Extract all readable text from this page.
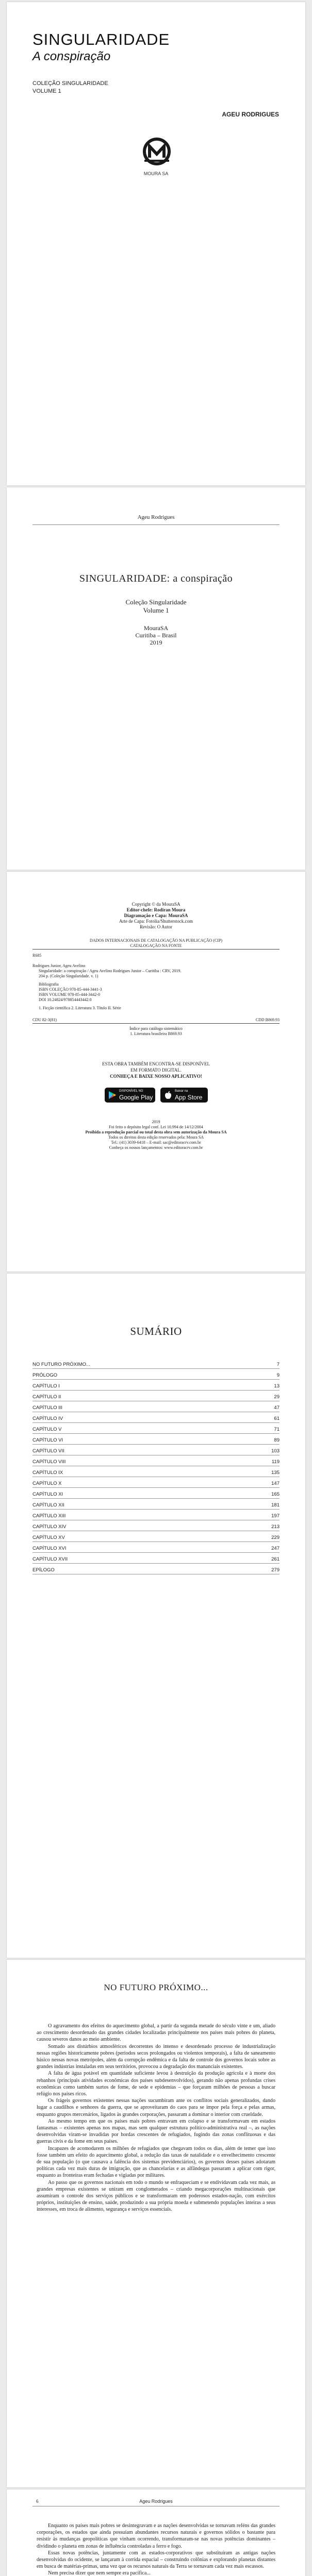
SINGULARIDADE
A conspiração
COLEÇÃO SINGULARIDADE
VOLUME 1
AGEU RODRIGUES
MOURA SA
Ageu Rodrigues
SINGULARIDADE: a conspiração
Coleção Singularidade
Volume 1
MouraSA
Curitiba – Brasil
2019
Copyright © da MouraSA
Editor-chefe: Rodiran Moura
Diagramação e Capa: MouraSA
Arte de Capa: Fotolia/Shutterstock.com
Revisão: O Autor
DADOS INTERNACIONAIS DE CATALOGAÇÃO NA PUBLICAÇÃO (CIP)
CATALOGAÇÃO NA FONTE
R685
Rodrigues Junior, Ageu Avelino
Singularidade: a conspiração / Ageu Avelino Rodrigues Junior – Curitiba : CRV, 2019.
204 p. (Coleção Singularidade. v. 1)
Bibliografia
ISBN COLEÇÃO 978-85-444-3441-3
ISBN VOLUME 978-85-444-3442-0
DOI 10.24824/978854443442.0
1. Ficção científica 2. Literatura 3. Título II. Série
CDU 82-3(81)	CDD B869.93
Índice para catálogo sistemático
1. Literatura brasileira B869.93
ESTA OBRA TAMBÉM ENCONTRA-SE DISPONÍVEL
EM FORMATO DIGITAL.
CONHEÇA E BAIXE NOSSO APLICATIVO!
DISPONÍVEL NO
Google Play
Baixar na
App Store
2019
Foi feito o depósito legal conf. Lei 10.994 de 14/12/2004
Proibida a reprodução parcial ou total desta obra sem autorização da Moura SA
Todos os direitos desta edição reservados pela: Moura SA
Tel.: (41) 3039-6418 – E-mail: sac@editoracrv.com.br
Conheça os nossos lançamentos: www.editoracrv.com.br
SUMÁRIO
NO FUTURO PRÓXIMO...	7
PRÓLOGO	9
CAPÍTULO I	13
CAPÍTULO II	29
CAPÍTULO III	47
CAPÍTULO IV	61
CAPÍTULO V	71
CAPÍTULO VI	89
CAPÍTULO VII	103
CAPÍTULO VIII	119
CAPÍTULO IX	135
CAPÍTULO X	147
CAPÍTULO XI	165
CAPÍTULO XII	181
CAPÍTULO XIII	197
CAPÍTULO XIV	213
CAPÍTULO XV	229
CAPÍTULO XVI	247
CAPÍTULO XVII	261
EPÍLOGO	279
NO FUTURO PRÓXIMO...

O agravamento dos efeitos do aquecimento global, a partir da segunda metade do século vinte e um, aliado ao crescimento desordenado das grandes cidades localizadas principalmente nos países mais pobres do planeta, causou severos danos ao meio ambiente.

Somado aos distúrbios atmosféricos decorrentes do intenso e desordenado processo de industrialização nessas regiões historicamente pobres (períodos secos prolongados ou violentos temporais), a falta de saneamento básico nessas novas metrópoles, além da corrupção endêmica e da falta de controle dos governos locais sobre as grandes indústrias instaladas em seus territórios, provocou a degradação dos mananciais existentes.

A falta de água potável em quantidade suficiente levou à destruição da produção agrícola e à morte dos rebanhos (principais atividades econômicas dos países subdesenvolvidos), gerando não apenas profundas crises econômicas como também surtos de fome, de sede e epidemias – que forçaram milhões de pessoas a buscar refúgio nos países ricos.

Os frágeis governos existentes nessas nações sucumbiram ante os conflitos sociais generalizados, dando lugar a caudilhos e senhores da guerra, que se aproveitaram do caos para se impor pela força e pelas armas, enquanto grupos mercenários, ligados às grandes corporações, passaram a dominar o interior com crueldade.

Ao mesmo tempo em que os países mais pobres entravam em colapso e se transformavam em estados fantasmas – existentes apenas nos mapas, mas sem qualquer estrutura político-administrativa real –, as nações desenvolvidas viram-se invadidas por hordas crescentes de refugiados, fugindo das zonas conflituosas e das guerras civis e da fome em seus países.

Incapazes de acomodarem os milhões de refugiados que chegavam todos os dias, além de temer que isso fosse também um efeito do aquecimento global, a redução das taxas de natalidade e o envelhecimento crescente de sua população (o que causava a falência dos sistemas previdenciários), os governos desses países adotaram políticas cada vez mais duras de imigração, que as chancelarias e as alfândegas passaram a aplicar com rigor, enquanto as fronteiras eram fechadas e vigiadas por militares.

Ao passo que os governos nacionais em todo o mundo se enfraqueciam e se endividavam cada vez mais, as grandes empresas existentes se uniram em conglomerados – criando megacorporações multinacionais que assumiram o controle dos serviços públicos e se transformaram em poderosos estados-nação, com exércitos próprios, instituições de ensino, saúde, produzindo a sua própria moeda e submetendo populações inteiras a seus interesses, em troca de alimento, segurança e serviços essenciais.

6	Ageu Rodrigues

Enquanto os países mais pobres se desintegravam e as nações desenvolvidas se tornavam reféns das grandes corporações, os estados que ainda possuíam abundantes recursos naturais e governos sólidos o bastante para resistir às mudanças geopolíticas que vinham ocorrendo, transformaram-se nas novas potências dominantes – dividindo o planeta em zonas de influência controladas a ferro e fogo.

Essas novas potências, juntamente com as estados-corporativos que substituíram as antigas nações desenvolvidas do ocidente, se lançaram à corrida espacial – construindo colônias e explorando planetas distantes em busca de matérias-primas, uma vez que os recursos naturais da Terra se tornavam cada vez mais escassos.

Nem precisa dizer que nem sempre era pacífica...
